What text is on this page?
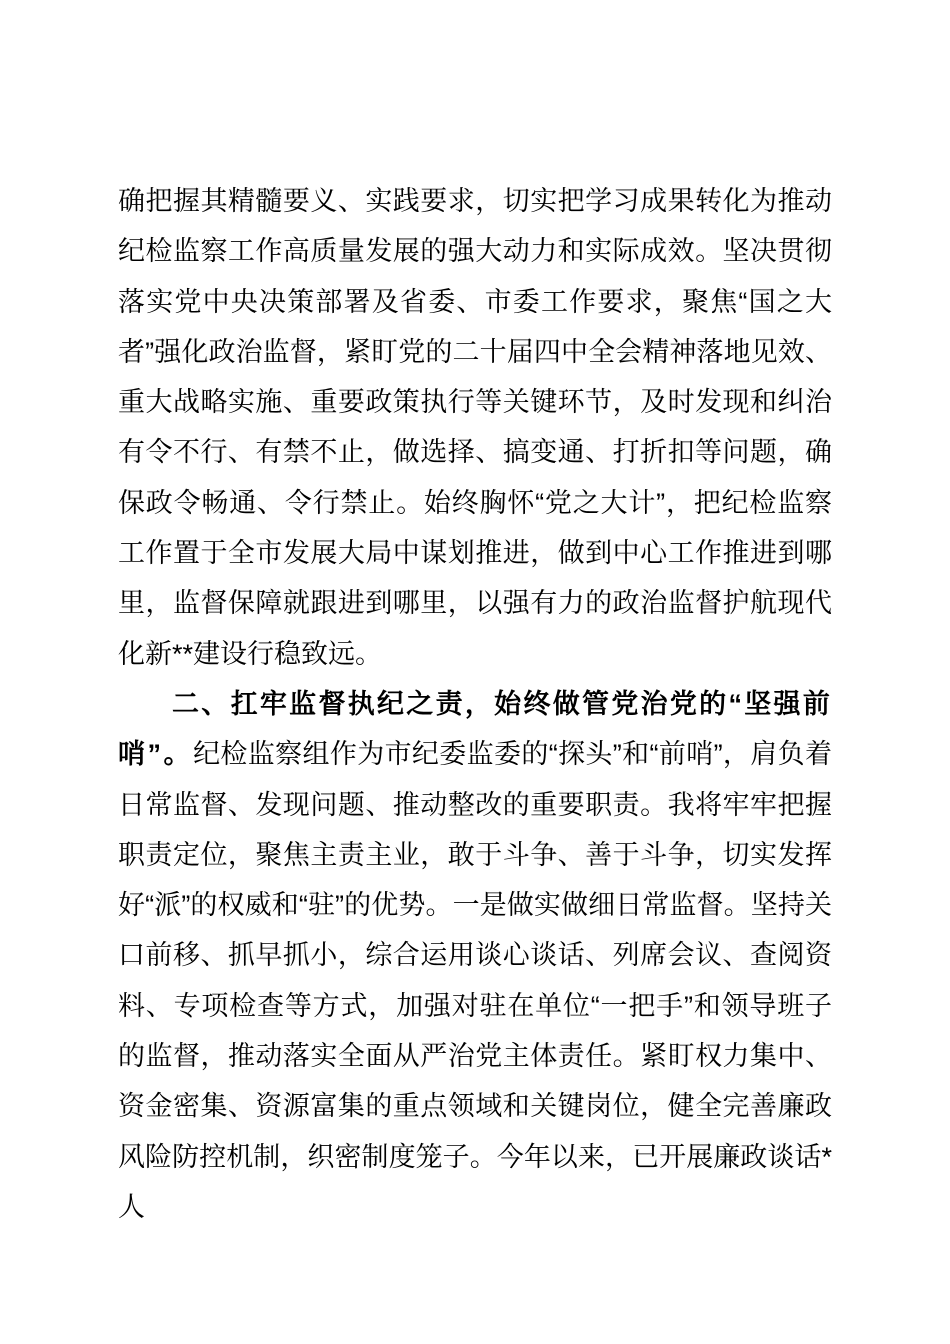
确把握其精髓要义、实践要求，切实把学习成果转化为推动纪检监察工作高质量发展的强大动力和实际成效。坚决贯彻落实党中央决策部署及省委、市委工作要求，聚焦“国之大者”强化政治监督，紧盯党的二十届四中全会精神落地见效、重大战略实施、重要政策执行等关键环节，及时发现和纠治有令不行、有禁不止，做选择、搞变通、打折扣等问题，确保政令畅通、令行禁止。始终胸怀“党之大计”，把纪检监察工作置于全市发展大局中谋划推进，做到中心工作推进到哪里，监督保障就跟进到哪里，以强有力的政治监督护航现代化新**建设行稳致远。

二、扛牢监督执纪之责，始终做管党治党的“坚强前哨”。纪检监察组作为市纪委监委的“探头”和“前哨”，肩负着日常监督、发现问题、推动整改的重要职责。我将牢牢把握职责定位，聚焦主责主业，敢于斗争、善于斗争，切实发挥好“派”的权威和“驻”的优势。一是做实做细日常监督。坚持关口前移、抓早抓小，综合运用谈心谈话、列席会议、查阅资料、专项检查等方式，加强对驻在单位“一把手”和领导班子的监督，推动落实全面从严治党主体责任。紧盯权力集中、资金密集、资源富集的重点领域和关键岗位，健全完善廉政风险防控机制，织密制度笼子。今年以来，已开展廉政谈话*人
